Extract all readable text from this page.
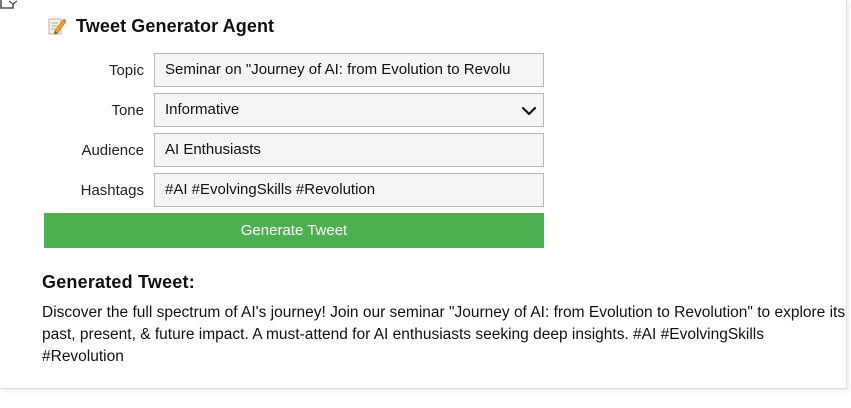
Tweet Generator Agent
Topic	Seminar on "Journey of AI: from Evolution to Revolu
Tone	Informative
Audience	AI Enthusiasts
Hashtags	#AI #EvolvingSkills #Revolution
Generate Tweet
Generated Tweet:
Discover the full spectrum of AI's journey! Join our seminar "Journey of AI: from Evolution to Revolution" to explore its past, present, & future impact. A must-attend for AI enthusiasts seeking deep insights. #AI #EvolvingSkills #Revolution
